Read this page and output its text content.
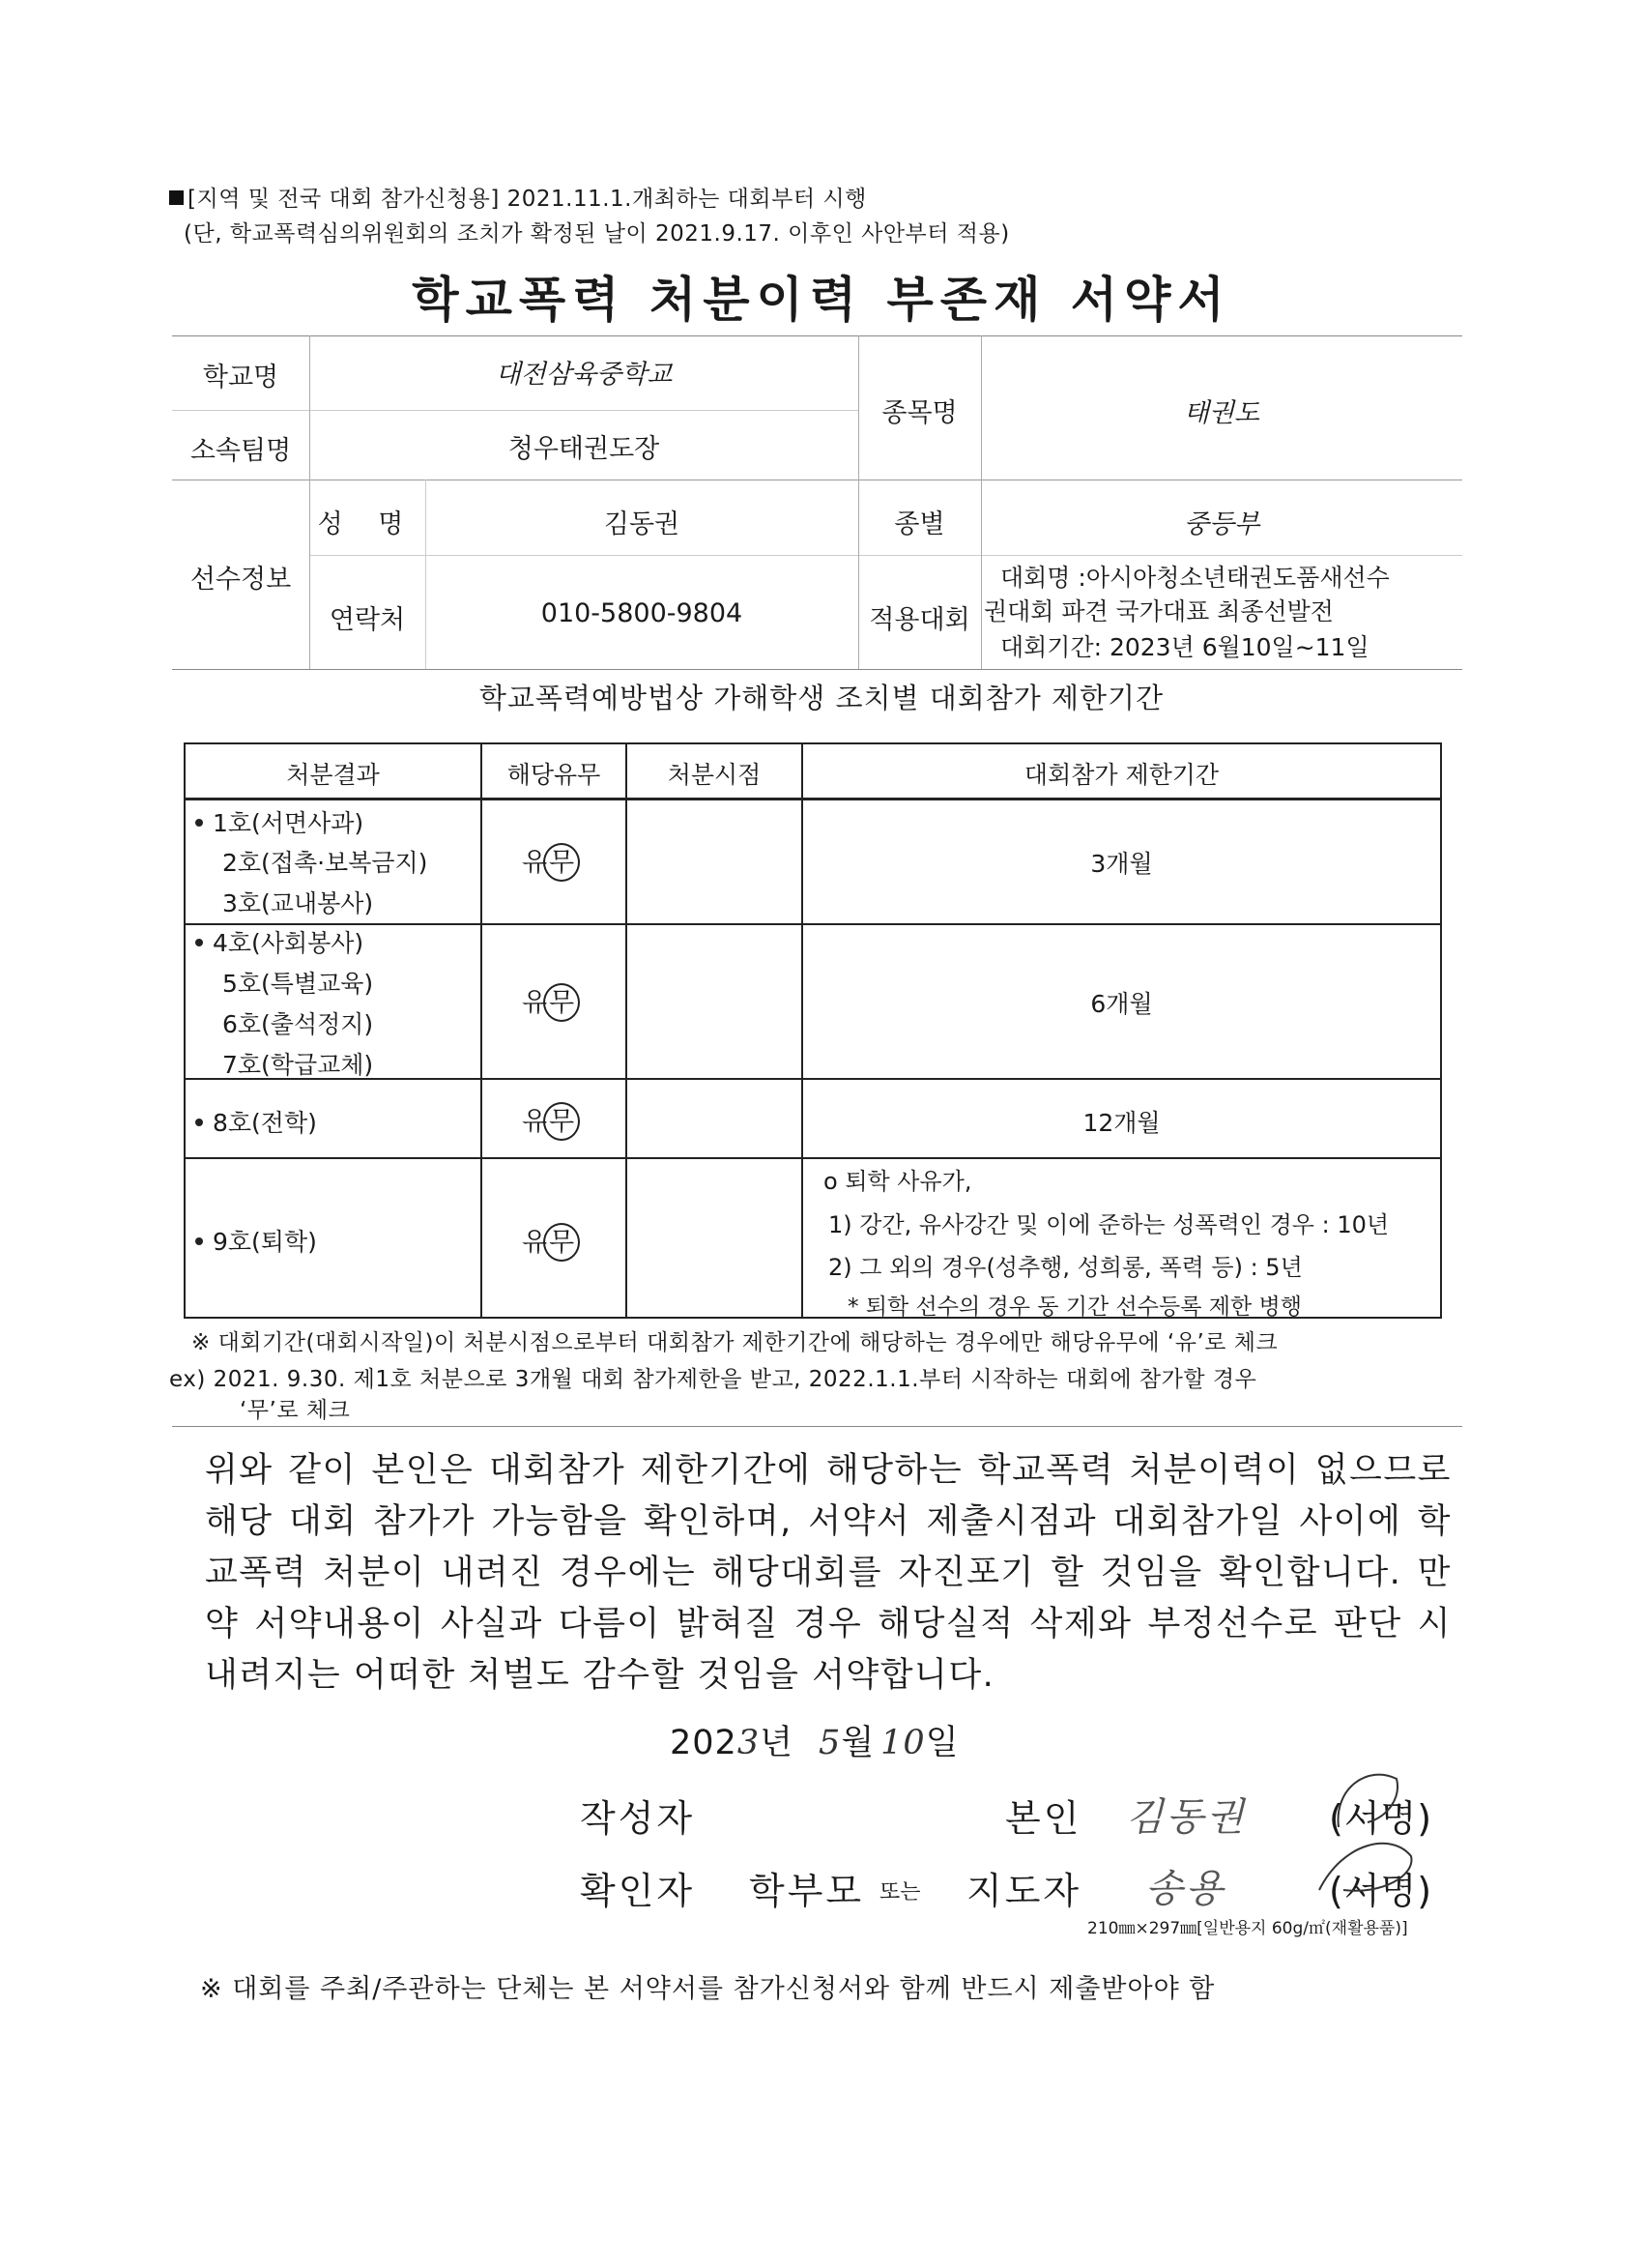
[지역 및 전국 대회 참가신청용] 2021.11.1.개최하는 대회부터 시행
(단, 학교폭력심의위원회의 조치가 확정된 날이 2021.9.17. 이후인 사안부터 적용)
학교폭력 처분이력 부존재 서약서
학교명	대전삼육중학교
소속팀명	청우태권도장
종목명	태권도
선수정보
성 명	김동권
연락처	010-5800-9804
종별	중등부
적용대회
대회명 :아시아청소년태권도품새선수
권대회 파견 국가대표 최종선발전
대회기간: 2023년 6월10일~11일
학교폭력예방법상 가해학생 조치별 대회참가 제한기간
처분결과	해당유무	처분시점	대회참가 제한기간
1호(서면사과)
2호(접촉·보복금지)
3호(교내봉사)
유무	3개월
4호(사회봉사)
5호(특별교육)
6호(출석정지)
7호(학급교체)
유무	6개월
8호(전학)	유무	12개월
9호(퇴학)	유무
o 퇴학 사유가,
1) 강간, 유사강간 및 이에 준하는 성폭력인 경우 : 10년
2) 그 외의 경우(성추행, 성희롱, 폭력 등) : 5년
* 퇴학 선수의 경우 동 기간 선수등록 제한 병행
※ 대회기간(대회시작일)이 처분시점으로부터 대회참가 제한기간에 해당하는 경우에만 해당유무에 ‘유’로 체크
ex) 2021. 9.30. 제1호 처분으로 3개월 대회 참가제한을 받고, 2022.1.1.부터 시작하는 대회에 참가할 경우
‘무’로 체크
위와 같이 본인은 대회참가 제한기간에 해당하는 학교폭력 처분이력이 없으므로 해당 대회 참가가 가능함을 확인하며, 서약서 제출시점과 대회참가일 사이에 학교폭력 처분이 내려진 경우에는 해당대회를 자진포기 할 것임을 확인합니다. 만약 서약내용이 사실과 다름이 밝혀질 경우 해당실적 삭제와 부정선수로 판단 시 내려지는 어떠한 처벌도 감수할 것임을 서약합니다.
2023년 5월 10일
작성자	본인 김동권 (서명)
확인자 학부모 또는 지도자 송용	(서명)
210㎜×297㎜[일반용지 60g/㎡(재활용품)]
※ 대회를 주최/주관하는 단체는 본 서약서를 참가신청서와 함께 반드시 제출받아야 함
